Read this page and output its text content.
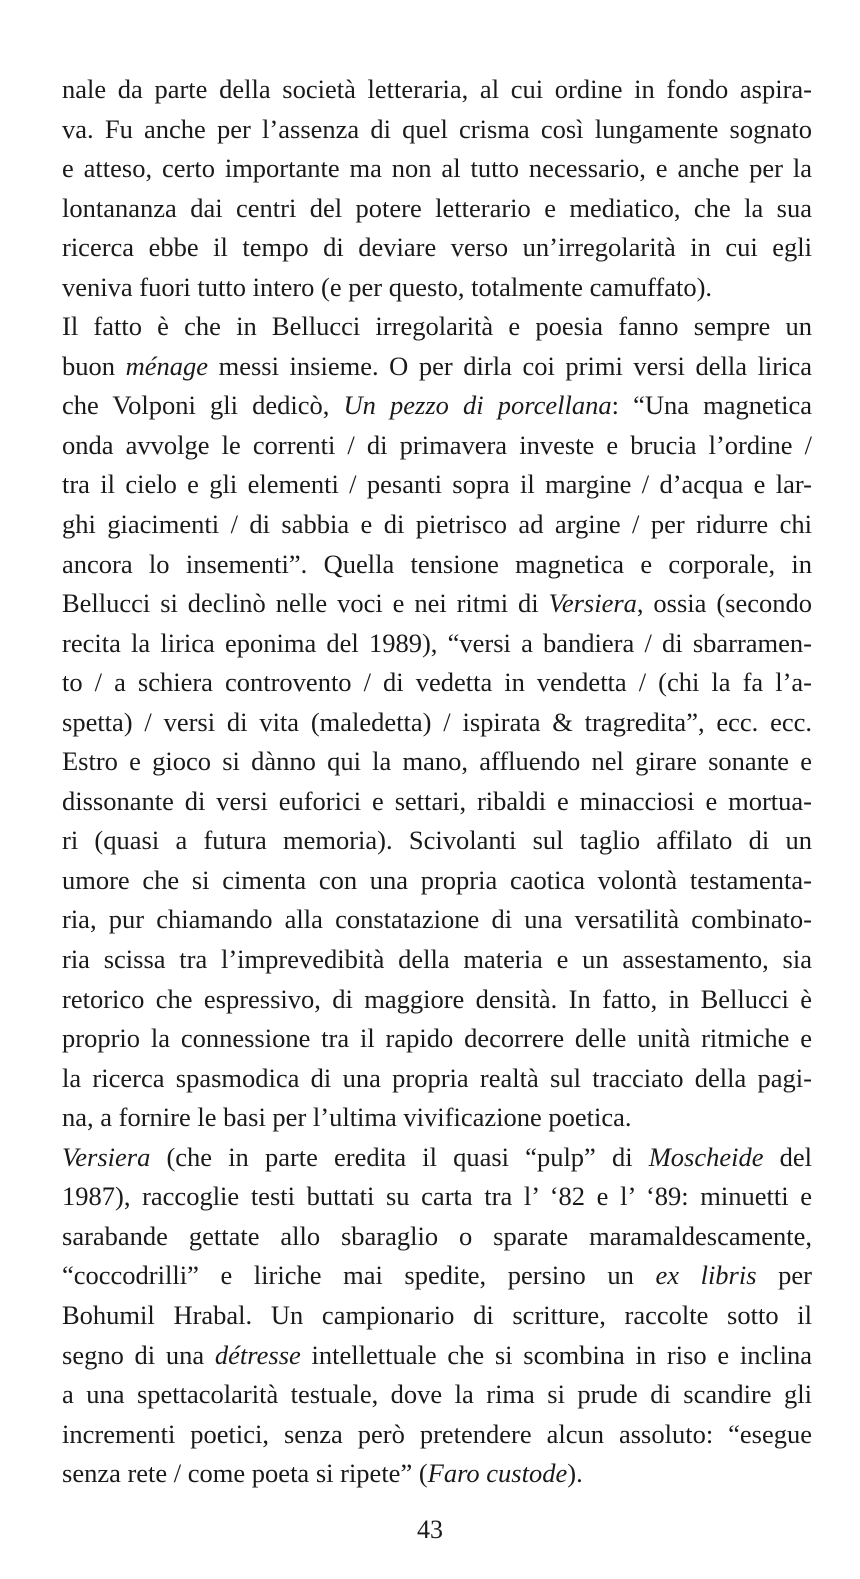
nale da parte della società letteraria, al cui ordine in fondo aspira-
va. Fu anche per l’assenza di quel crisma così lungamente sognato
e atteso, certo importante ma non al tutto necessario, e anche per la
lontananza dai centri del potere letterario e mediatico, che la sua
ricerca ebbe il tempo di deviare verso un’irregolarità in cui egli
veniva fuori tutto intero (e per questo, totalmente camuffato).
Il fatto è che in Bellucci irregolarità e poesia fanno sempre un
buon ménage messi insieme. O per dirla coi primi versi della lirica
che Volponi gli dedicò, Un pezzo di porcellana: “Una magnetica
onda avvolge le correnti / di primavera investe e brucia l’ordine /
tra il cielo e gli elementi / pesanti sopra il margine / d’acqua e lar-
ghi giacimenti / di sabbia e di pietrisco ad argine / per ridurre chi
ancora lo insementi”. Quella tensione magnetica e corporale, in
Bellucci si declinò nelle voci e nei ritmi di Versiera, ossia (secondo
recita la lirica eponima del 1989), “versi a bandiera / di sbarramen-
to / a schiera controvento / di vedetta in vendetta / (chi la fa l’a-
spetta) / versi di vita (maledetta) / ispirata & tragredita”, ecc. ecc.
Estro e gioco si dànno qui la mano, affluendo nel girare sonante e
dissonante di versi euforici e settari, ribaldi e minacciosi e mortua-
ri (quasi a futura memoria). Scivolanti sul taglio affilato di un
umore che si cimenta con una propria caotica volontà testamenta-
ria, pur chiamando alla constatazione di una versatilità combinato-
ria scissa tra l’imprevedibità della materia e un assestamento, sia
retorico che espressivo, di maggiore densità. In fatto, in Bellucci è
proprio la connessione tra il rapido decorrere delle unità ritmiche e
la ricerca spasmodica di una propria realtà sul tracciato della pagi-
na, a fornire le basi per l’ultima vivificazione poetica.
Versiera (che in parte eredita il quasi “pulp” di Moscheide del
1987), raccoglie testi buttati su carta tra l’ ‘82 e l’ ‘89: minuetti e
sarabande gettate allo sbaraglio o sparate maramaldescamente,
“coccodrilli” e liriche mai spedite, persino un ex libris per
Bohumil Hrabal. Un campionario di scritture, raccolte sotto il
segno di una détresse intellettuale che si scombina in riso e inclina
a una spettacolarità testuale, dove la rima si prude di scandire gli
incrementi poetici, senza però pretendere alcun assoluto: “esegue
senza rete / come poeta si ripete” (Faro custode).
43
